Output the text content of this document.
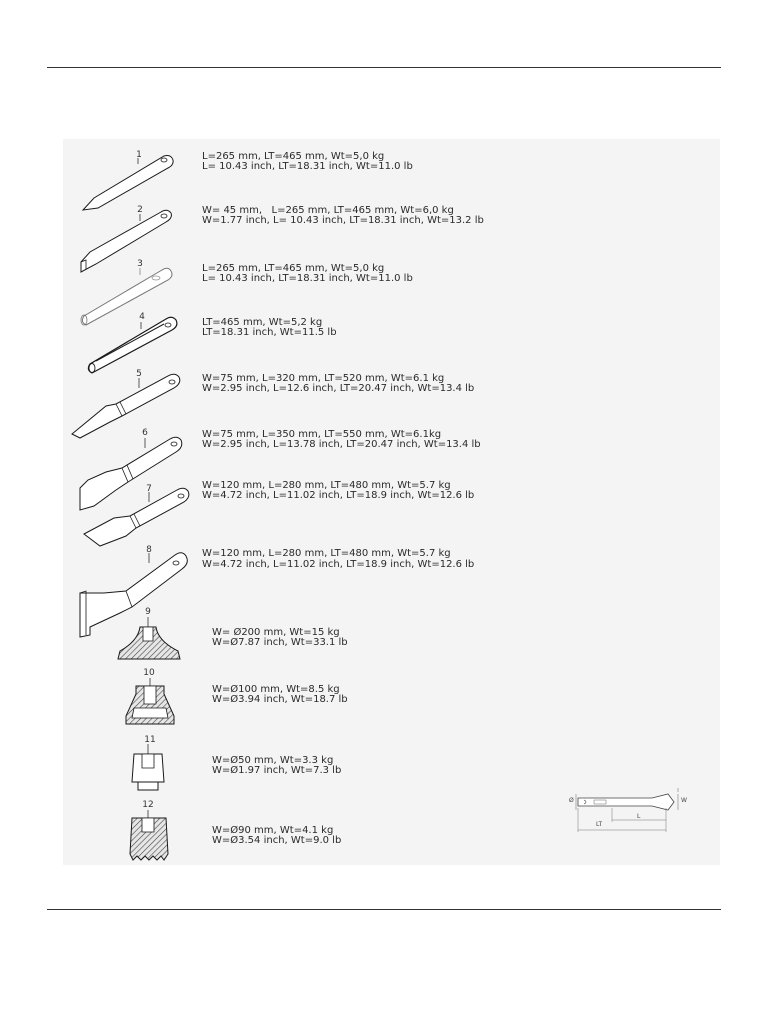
1	L=265 mm, LT=465 mm, Wt=5,0 kg
L= 10.43 inch, LT=18.31 inch, Wt=11.0 lb
2	W= 45 mm,   L=265 mm, LT=465 mm, Wt=6,0 kg
W=1.77 inch, L= 10.43 inch, LT=18.31 inch, Wt=13.2 lb
3	L=265 mm, LT=465 mm, Wt=5,0 kg
L= 10.43 inch, LT=18.31 inch, Wt=11.0 lb
4	LT=465 mm, Wt=5,2 kg
LT=18.31 inch, Wt=11.5 lb
5	W=75 mm, L=320 mm, LT=520 mm, Wt=6.1 kg
W=2.95 inch, L=12.6 inch, LT=20.47 inch, Wt=13.4 lb
6	W=75 mm, L=350 mm, LT=550 mm, Wt=6.1kg
W=2.95 inch, L=13.78 inch, LT=20.47 inch, Wt=13.4 lb
7	W=120 mm, L=280 mm, LT=480 mm, Wt=5.7 kg
W=4.72 inch, L=11.02 inch, LT=18.9 inch, Wt=12.6 lb
8	W=120 mm, L=280 mm, LT=480 mm, Wt=5.7 kg
W=4.72 inch, L=11.02 inch, LT=18.9 inch, Wt=12.6 lb
9
W= Ø200 mm, Wt=15 kg
W=Ø7.87 inch, Wt=33.1 lb
10
W=Ø100 mm, Wt=8.5 kg
W=Ø3.94 inch, Wt=18.7 lb
11
W=Ø50 mm, Wt=3.3 kg
W=Ø1.97 inch, Wt=7.3 lb
12
W=Ø90 mm, Wt=4.1 kg
W=Ø3.54 inch, Wt=9.0 lb
Ø	W
LT
L
